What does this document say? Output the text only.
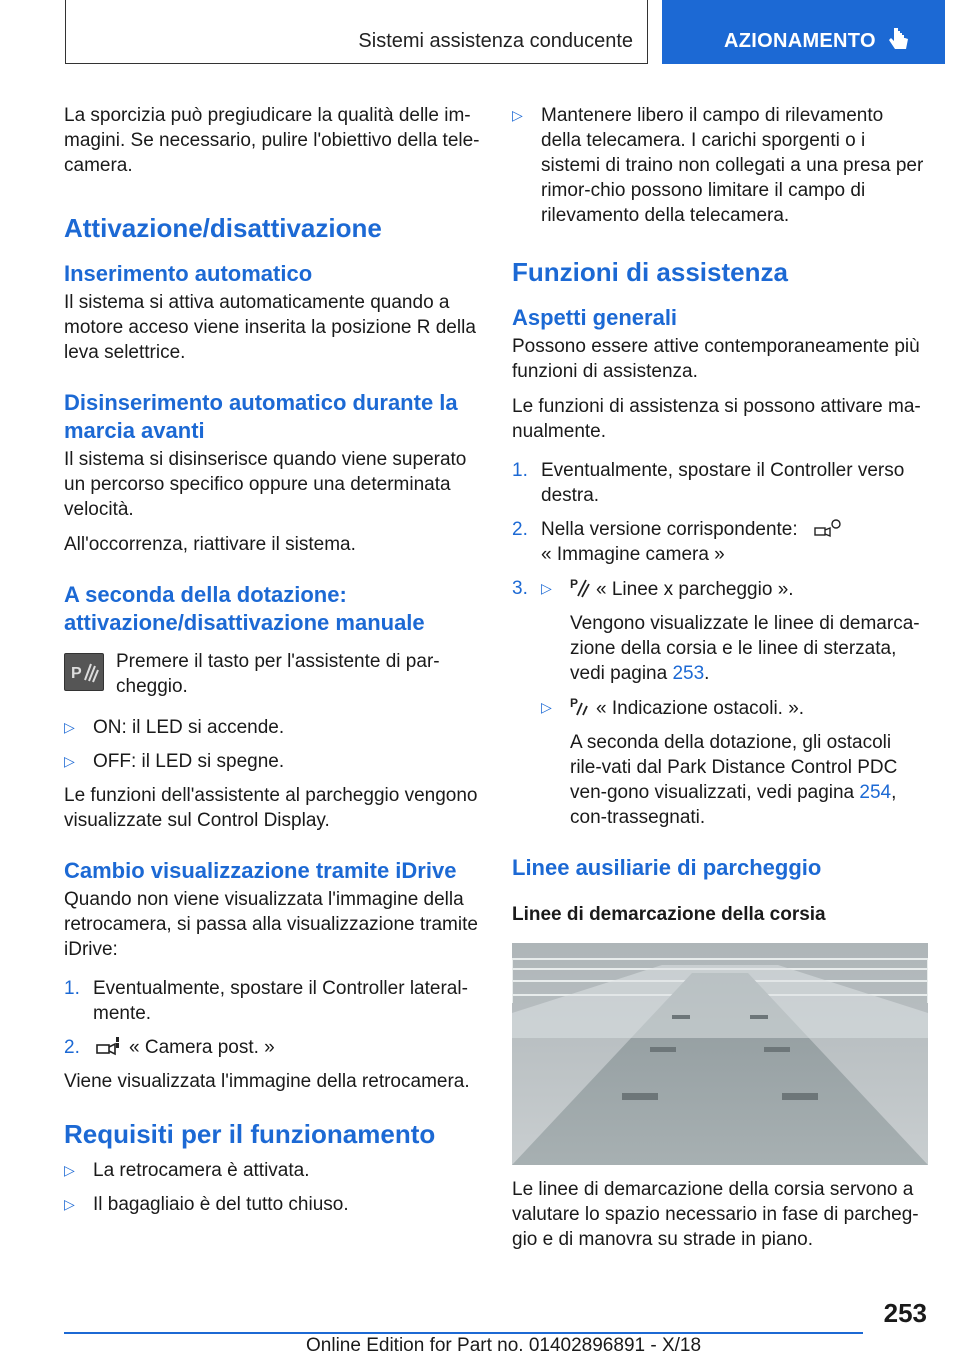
Sistemi assistenza conducente	AZIONAMENTO

La sporcizia può pregiudicare la qualità delle im-magini. Se necessario, pulire l'obiettivo della tele-camera.

Attivazione/disattivazione
Inserimento automatico

Il sistema si attiva automaticamente quando a motore acceso viene inserita la posizione R della leva selettrice.

Disinserimento automatico durante la marcia avanti

Il sistema si disinserisce quando viene superato un percorso specifico oppure una determinata velocità.

All'occorrenza, riattivare il sistema.

A seconda della dotazione: attivazione/disattivazione manuale
P

Premere il tasto per l'assistente di par-cheggio.

▷ ON: il LED si accende.
▷ OFF: il LED si spegne.

Le funzioni dell'assistente al parcheggio vengono visualizzate sul Control Display.

Cambio visualizzazione tramite iDrive

Quando non viene visualizzata l'immagine della retrocamera, si passa alla visualizzazione tramite iDrive:

1. Eventualmente, spostare il Controller lateral-mente.
2.	« Camera post. »

Viene visualizzata l'immagine della retrocamera.

Requisiti per il funzionamento
▷ La retrocamera è attivata.
▷ Il bagagliaio è del tutto chiuso.
▷ Mantenere libero il campo di rilevamento della telecamera. I carichi sporgenti o i sistemi di traino non collegati a una presa per rimor-chio possono limitare il campo di rilevamento della telecamera.
Funzioni di assistenza
Aspetti generali

Possono essere attive contemporaneamente più funzioni di assistenza.

Le funzioni di assistenza si possono attivare ma-nualmente.

1. Eventualmente, spostare il Controller verso destra.
2. Nella versione corrispondente:
« Immagine camera »
3. ▷ P « Linee x parcheggio ».

Vengono visualizzate le linee di demarca-zione della corsia e le linee di sterzata, vedi pagina 253.

▷ P « Indicazione ostacoli. ».

A seconda della dotazione, gli ostacoli rile-vati dal Park Distance Control PDC ven-gono visualizzati, vedi pagina 254, con-trassegnati.

Linee ausiliarie di parcheggio
Linee di demarcazione della corsia

Le linee di demarcazione della corsia servono a valutare lo spazio necessario in fase di parcheg-gio e di manovra su strade in piano.

253
Online Edition for Part no. 01402896891 - X/18
